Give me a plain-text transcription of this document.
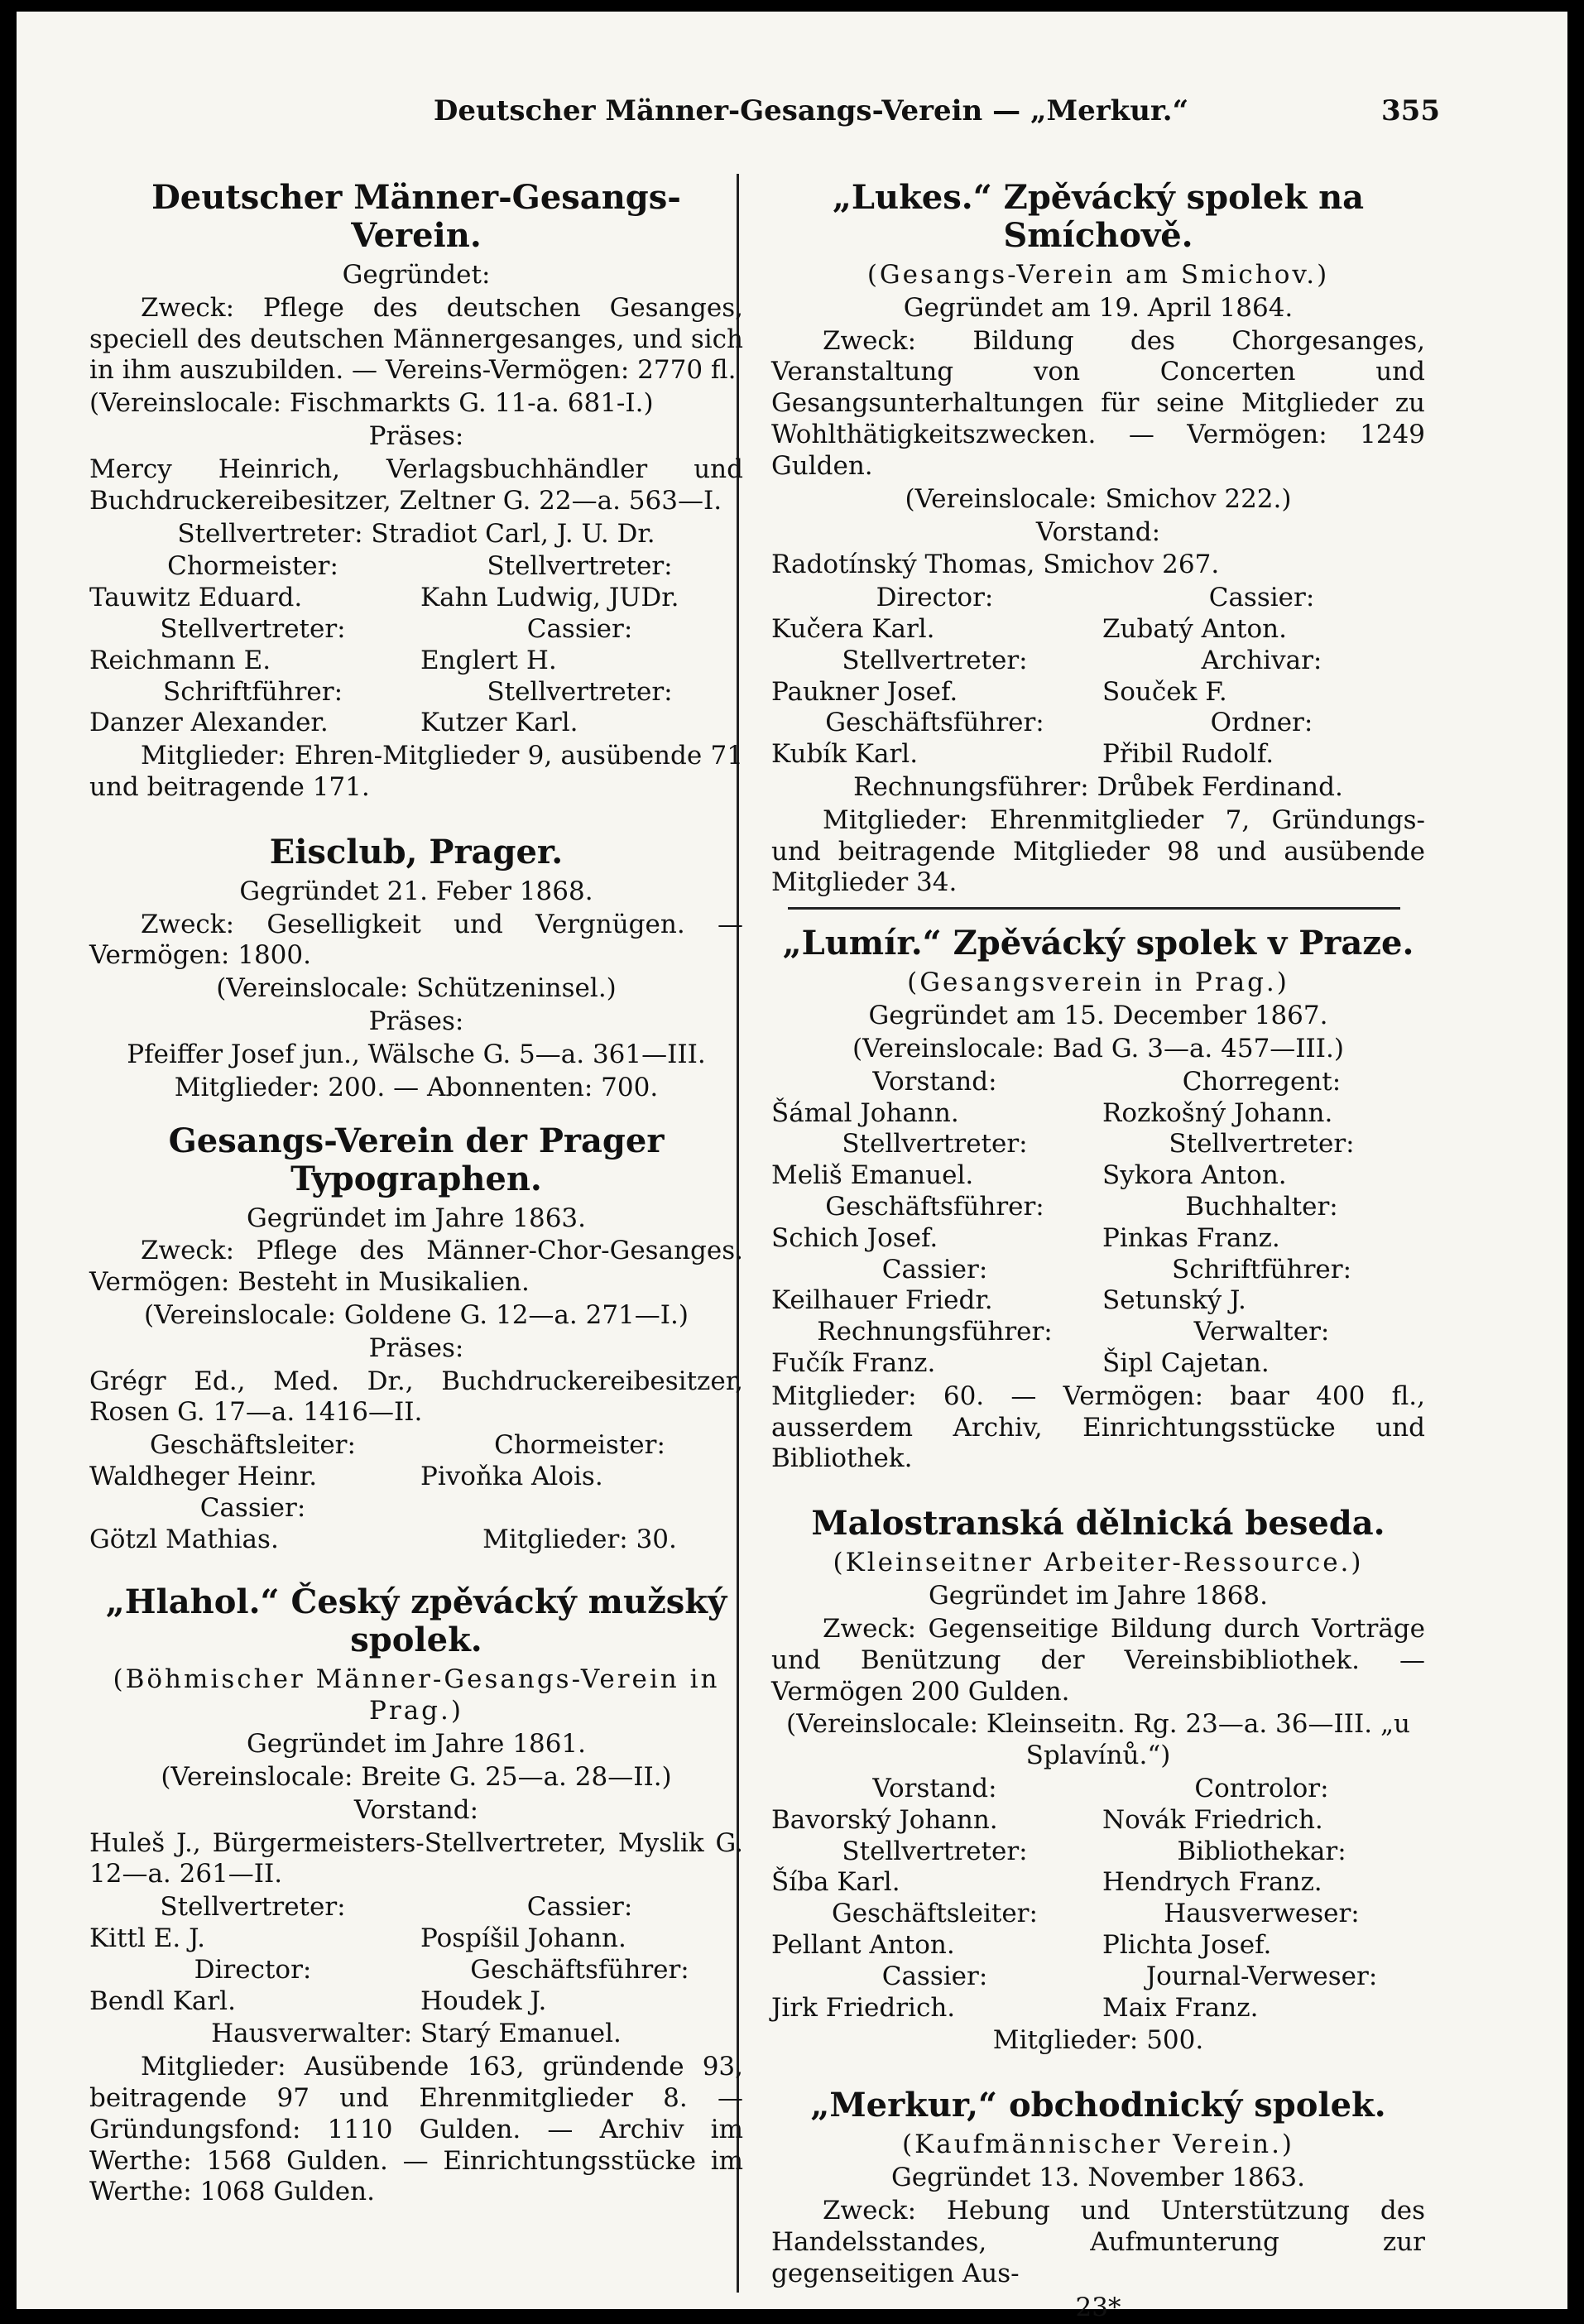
Deutscher Männer-Gesangs-Verein — „Merkur.“	355
Deutscher Männer-Gesangs-Verein.
Gegründet:
Zweck: Pflege des deutschen Gesanges, speciell des deutschen Männergesanges, und sich in ihm auszubilden. — Vereins-Vermögen: 2770 fl.
(Vereinslocale: Fischmarkts G. 11-a. 681-I.)
Präses:
Mercy Heinrich, Verlagsbuchhändler und Buchdruckereibesitzer, Zeltner G. 22—a. 563—I.
Stellvertreter: Stradiot Carl, J. U. Dr.
Chormeister:	Stellvertreter:
Tauwitz Eduard.	Kahn Ludwig, JUDr.
Stellvertreter:	Cassier:
Reichmann E.	Englert H.
Schriftführer:	Stellvertreter:
Danzer Alexander.	Kutzer Karl.
Mitglieder: Ehren-Mitglieder 9, ausübende 71 und beitragende 171.
Eisclub, Prager.
Gegründet 21. Feber 1868.
Zweck: Geselligkeit und Vergnügen. — Vermögen: 1800.
(Vereinslocale: Schützeninsel.)
Präses:
Pfeiffer Josef jun., Wälsche G. 5—a. 361—III.
Mitglieder: 200. — Abonnenten: 700.
Gesangs-Verein der Prager Typographen.
Gegründet im Jahre 1863.
Zweck: Pflege des Männer-Chor-Gesanges. Vermögen: Besteht in Musikalien.
(Vereinslocale: Goldene G. 12—a. 271—I.)
Präses:
Grégr Ed., Med. Dr., Buchdruckereibesitzer, Rosen G. 17—a. 1416—II.
Geschäftsleiter:	Chormeister:
Waldheger Heinr.	Pivoňka Alois.
Cassier:
Götzl Mathias.	Mitglieder: 30.
„Hlahol.“ Český zpěvácký mužský spolek.
(Böhmischer Männer-Gesangs-Verein in Prag.)
Gegründet im Jahre 1861.
(Vereinslocale: Breite G. 25—a. 28—II.)
Vorstand:
Huleš J., Bürgermeisters-Stellvertreter, Myslik G. 12—a. 261—II.
Stellvertreter:	Cassier:
Kittl E. J.	Pospíšil Johann.
Director:	Geschäftsführer:
Bendl Karl.	Houdek J.
Hausverwalter: Starý Emanuel.
Mitglieder: Ausübende 163, gründende 93, beitragende 97 und Ehrenmitglieder 8. — Gründungsfond: 1110 Gulden. — Archiv im Werthe: 1568 Gulden. — Einrichtungsstücke im Werthe: 1068 Gulden.
„Lukes.“ Zpěvácký spolek na Smíchově.
(Gesangs-Verein am Smichov.)
Gegründet am 19. April 1864.
Zweck: Bildung des Chorgesanges, Veranstaltung von Concerten und Gesangsunterhaltungen für seine Mitglieder zu Wohlthätigkeitszwecken. — Vermögen: 1249 Gulden.
(Vereinslocale: Smichov 222.)
Vorstand:
Radotínský Thomas, Smichov 267.
Director:	Cassier:
Kučera Karl.	Zubatý Anton.
Stellvertreter:	Archivar:
Paukner Josef.	Souček F.
Geschäftsführer:	Ordner:
Kubík Karl.	Přibil Rudolf.
Rechnungsführer: Drůbek Ferdinand.
Mitglieder: Ehrenmitglieder 7, Gründungs- und beitragende Mitglieder 98 und ausübende Mitglieder 34.
„Lumír.“ Zpěvácký spolek v Praze.
(Gesangsverein in Prag.)
Gegründet am 15. December 1867.
(Vereinslocale: Bad G. 3—a. 457—III.)
Vorstand:	Chorregent:
Šámal Johann.	Rozkošný Johann.
Stellvertreter:	Stellvertreter:
Meliš Emanuel.	Sykora Anton.
Geschäftsführer:	Buchhalter:
Schich Josef.	Pinkas Franz.
Cassier:	Schriftführer:
Keilhauer Friedr.	Setunský J.
Rechnungsführer:	Verwalter:
Fučík Franz.	Šipl Cajetan.
Mitglieder: 60. — Vermögen: baar 400 fl., ausserdem Archiv, Einrichtungsstücke und Bibliothek.
Malostranská dělnická beseda.
(Kleinseitner Arbeiter-Ressource.)
Gegründet im Jahre 1868.
Zweck: Gegenseitige Bildung durch Vorträge und Benützung der Vereinsbibliothek. — Vermögen 200 Gulden.
(Vereinslocale: Kleinseitn. Rg. 23—a. 36—III. „u Splavínů.“)
Vorstand:	Controlor:
Bavorský Johann.	Novák Friedrich.
Stellvertreter:	Bibliothekar:
Šíba Karl.	Hendrych Franz.
Geschäftsleiter:	Hausverweser:
Pellant Anton.	Plichta Josef.
Cassier:	Journal-Verweser:
Jirk Friedrich.	Maix Franz.
Mitglieder: 500.
„Merkur,“ obchodnický spolek.
(Kaufmännischer Verein.)
Gegründet 13. November 1863.
Zweck: Hebung und Unterstützung des Handelsstandes, Aufmunterung zur gegenseitigen Aus-
23*
